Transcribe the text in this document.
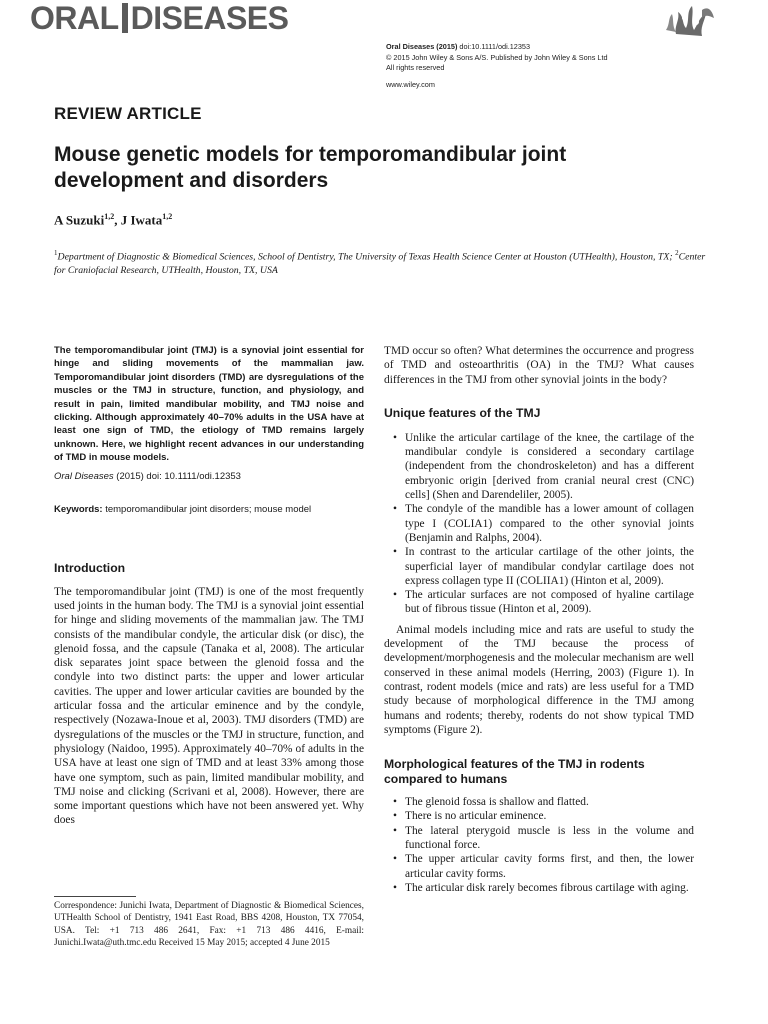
ORAL DISEASES
Oral Diseases (2015) doi:10.1111/odi.12353
© 2015 John Wiley & Sons A/S. Published by John Wiley & Sons Ltd
All rights reserved
www.wiley.com
REVIEW ARTICLE
Mouse genetic models for temporomandibular joint development and disorders
A Suzuki$^{1,2}$, J Iwata$^{1,2}$
$^1$Department of Diagnostic & Biomedical Sciences, School of Dentistry, The University of Texas Health Science Center at Houston (UTHealth), Houston, TX; $^2$Center for Craniofacial Research, UTHealth, Houston, TX, USA

The temporomandibular joint (TMJ) is a synovial joint essential for hinge and sliding movements of the mammalian jaw. Temporomandibular joint disorders (TMD) are dysregulations of the muscles or the TMJ in structure, function, and physiology, and result in pain, limited mandibular mobility, and TMJ noise and clicking. Although approximately 40–70% adults in the USA have at least one sign of TMD, the etiology of TMD remains largely unknown. Here, we highlight recent advances in our understanding of TMD in mouse models.

Oral Diseases (2015) doi: 10.1111/odi.12353
Keywords: temporomandibular joint disorders; mouse model
Introduction

The temporomandibular joint (TMJ) is one of the most frequently used joints in the human body. The TMJ is a synovial joint essential for hinge and sliding movements of the mammalian jaw. The TMJ consists of the mandibular condyle, the articular disk (or disc), the glenoid fossa, and the capsule (Tanaka et al, 2008). The articular disk separates joint space between the glenoid fossa and the condyle into two distinct parts: the upper and lower articular cavities. The upper and lower articular cavities are bounded by the articular fossa and the articular eminence and by the condyle, respectively (Nozawa-Inoue et al, 2003). TMJ disorders (TMD) are dysregulations of the muscles or the TMJ in structure, function, and physiology (Naidoo, 1995). Approximately 40–70% of adults in the USA have at least one sign of TMD and at least 33% among those have one symptom, such as pain, limited mandibular mobility, and TMJ noise and clicking (Scrivani et al, 2008). However, there are some important questions which have not been answered yet. Why does

Correspondence: Junichi Iwata, Department of Diagnostic & Biomedical Sciences, UTHealth School of Dentistry, 1941 East Road, BBS 4208, Houston, TX 77054, USA. Tel: +1 713 486 2641, Fax: +1 713 486 4416, E-mail: Junichi.Iwata@uth.tmc.edu Received 15 May 2015; accepted 4 June 2015

TMD occur so often? What determines the occurrence and progress of TMD and osteoarthritis (OA) in the TMJ? What causes differences in the TMJ from other synovial joints in the body?

Unique features of the TMJ
• Unlike the articular cartilage of the knee, the cartilage of the mandibular condyle is considered a secondary cartilage (independent from the chondroskeleton) and has a different embryonic origin [derived from cranial neural crest (CNC) cells] (Shen and Darendeliler, 2005).
• The condyle of the mandible has a lower amount of collagen type I (COLIA1) compared to the other synovial joints (Benjamin and Ralphs, 2004).
• In contrast to the articular cartilage of the other joints, the superficial layer of mandibular condylar cartilage does not express collagen type II (COLIIA1) (Hinton et al, 2009).
• The articular surfaces are not composed of hyaline cartilage but of fibrous tissue (Hinton et al, 2009).

Animal models including mice and rats are useful to study the development of the TMJ because the process of development/morphogenesis and the molecular mechanism are well conserved in these animal models (Herring, 2003) (Figure 1). In contrast, rodent models (mice and rats) are less useful for a TMD study because of morphological difference in the TMJ among humans and rodents; thereby, rodents do not show typical TMD symptoms (Figure 2).

Morphological features of the TMJ in rodents compared to humans
• The glenoid fossa is shallow and flatted.
• There is no articular eminence.
• The lateral pterygoid muscle is less in the volume and functional force.
• The upper articular cavity forms first, and then, the lower articular cavity forms.
• The articular disk rarely becomes fibrous cartilage with aging.
